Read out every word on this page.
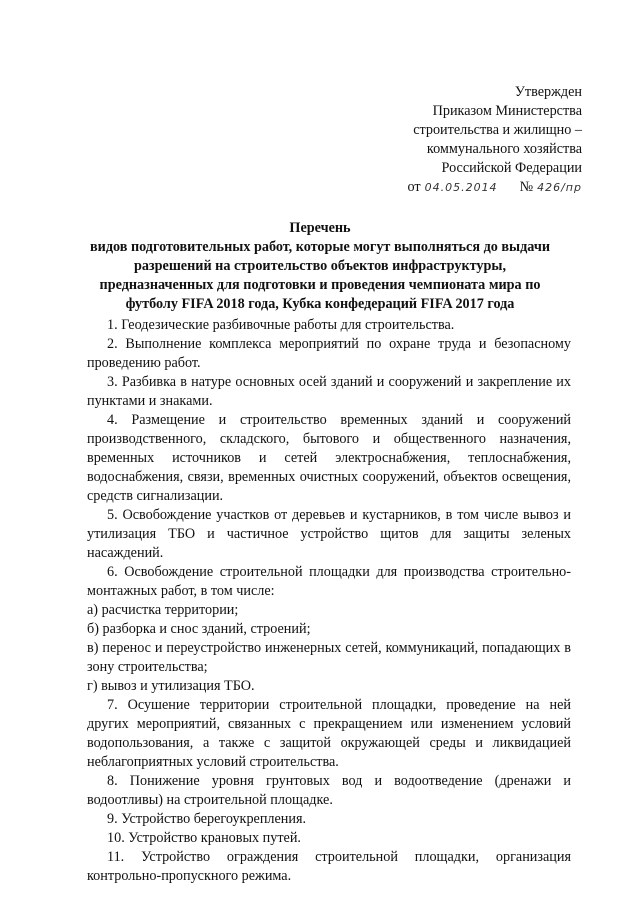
Утвержден
Приказом Министерства
строительства и жилищно –
коммунального хозяйства
Российской Федерации
от 04.05.2014 № 426/пр
Перечень
видов подготовительных работ, которые могут выполняться до выдачи
разрешений на строительство объектов инфраструктуры,
предназначенных для подготовки и проведения чемпионата мира по
футболу FIFA 2018 года, Кубка конфедераций FIFA 2017 года

1. Геодезические разбивочные работы для строительства.

2. Выполнение комплекса мероприятий по охране труда и безопасному проведению работ.

3. Разбивка в натуре основных осей зданий и сооружений и закрепление их пунктами и знаками.

4. Размещение и строительство временных зданий и сооружений производственного, складского, бытового и общественного назначения, временных источников и сетей электроснабжения, теплоснабжения, водоснабжения, связи, временных очистных сооружений, объектов освещения, средств сигнализации.

5. Освобождение участков от деревьев и кустарников, в том числе вывоз и утилизация ТБО и частичное устройство щитов для защиты зеленых насаждений.

6. Освобождение строительной площадки для производства строительно-монтажных работ, в том числе:

а) расчистка территории;

б) разборка и снос зданий, строений;

в) перенос и переустройство инженерных сетей, коммуникаций, попадающих в зону строительства;

г) вывоз и утилизация ТБО.

7. Осушение территории строительной площадки, проведение на ней других мероприятий, связанных с прекращением или изменением условий водопользования, а также с защитой окружающей среды и ликвидацией неблагоприятных условий строительства.

8. Понижение уровня грунтовых вод и водоотведение (дренажи и водоотливы) на строительной площадке.

9. Устройство берегоукрепления.

10. Устройство крановых путей.

11. Устройство ограждения строительной площадки, организация контрольно-пропускного режима.
